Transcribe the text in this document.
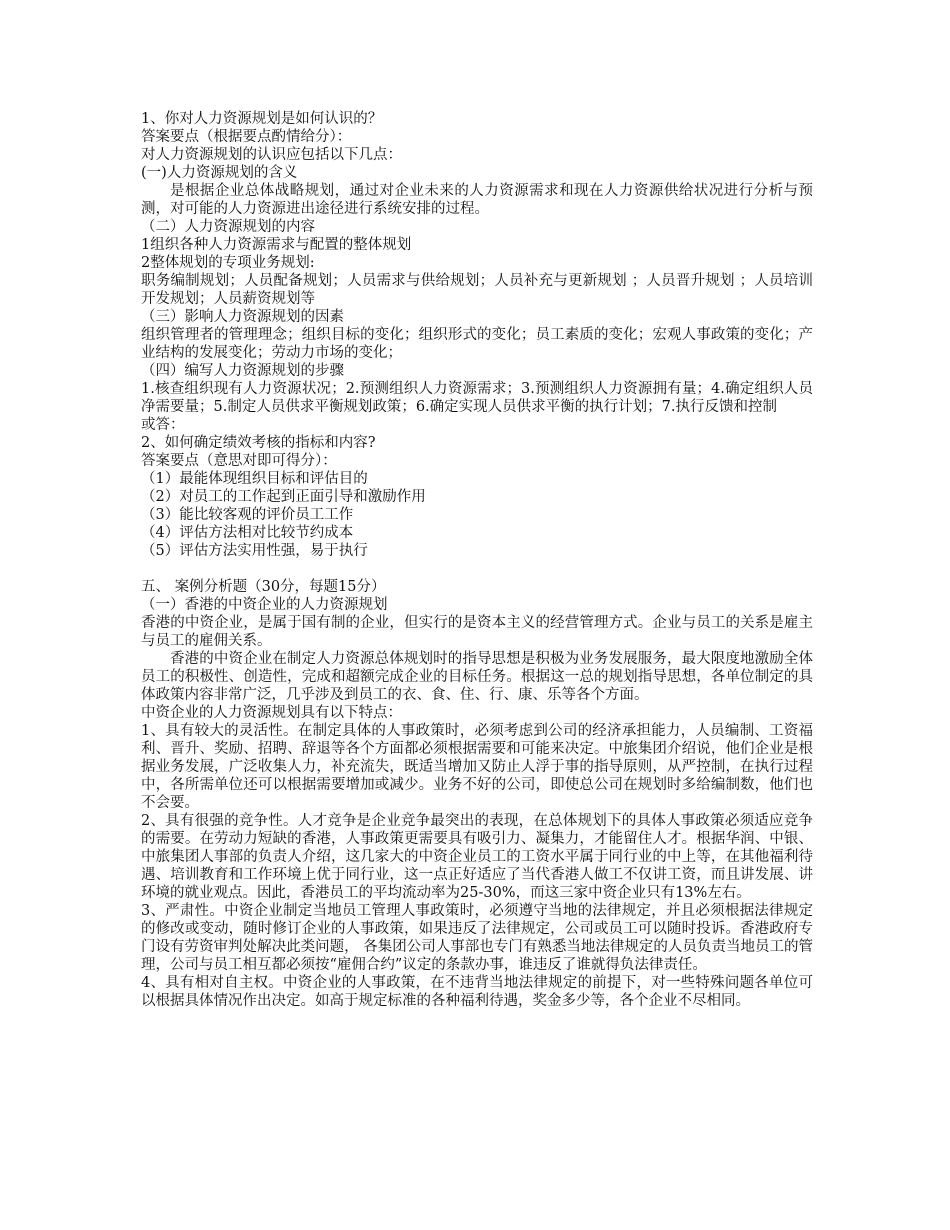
1、你对人力资源规划是如何认识的？
答案要点（根据要点酌情给分）：
对人力资源规划的认识应包括以下几点：
(一)人力资源规划的含义
是根据企业总体战略规划，通过对企业未来的人力资源需求和现在人力资源供给状况进行分析与预测，对可能的人力资源进出途径进行系统安排的过程。
（二）人力资源规划的内容
1组织各种人力资源需求与配置的整体规划
2整体规划的专项业务规划:
职务编制规划；人员配备规划；人员需求与供给规划；人员补充与更新规划 ；人员晋升规划 ；人员培训开发规划；人员薪资规划等
（三）影响人力资源规划的因素
组织管理者的管理理念；组织目标的变化；组织形式的变化；员工素质的变化；宏观人事政策的变化；产业结构的发展变化；劳动力市场的变化；
（四）编写人力资源规划的步骤
1.核查组织现有人力资源状况；2.预测组织人力资源需求；3.预测组织人力资源拥有量；4.确定组织人员净需要量；5.制定人员供求平衡规划政策；6.确定实现人员供求平衡的执行计划；7.执行反馈和控制
或答：
2、如何确定绩效考核的指标和内容?
答案要点（意思对即可得分）：
（1）最能体现组织目标和评估目的
（2）对员工的工作起到正面引导和激励作用
（3）能比较客观的评价员工工作
（4）评估方法相对比较节约成本
（5）评估方法实用性强，易于执行
五、 案例分析题（30分，每题15分）
（一）香港的中资企业的人力资源规划
香港的中资企业，是属于国有制的企业，但实行的是资本主义的经营管理方式。企业与员工的关系是雇主与员工的雇佣关系。
香港的中资企业在制定人力资源总体规划时的指导思想是积极为业务发展服务，最大限度地激励全体员工的积极性、创造性，完成和超额完成企业的目标任务。根据这一总的规划指导思想，各单位制定的具体政策内容非常广泛，几乎涉及到员工的衣、食、住、行、康、乐等各个方面。
中资企业的人力资源规划具有以下特点：
1、具有较大的灵活性。在制定具体的人事政策时，必须考虑到公司的经济承担能力，人员编制、工资福利、晋升、奖励、招聘、辞退等各个方面都必须根据需要和可能来决定。中旅集团介绍说，他们企业是根据业务发展，广泛收集人力，补充流失，既适当增加又防止人浮于事的指导原则，从严控制，在执行过程中，各所需单位还可以根据需要增加或减少。业务不好的公司，即使总公司在规划时多给编制数，他们也不会要。
2、具有很强的竞争性。人才竞争是企业竞争最突出的表现，在总体规划下的具体人事政策必须适应竞争的需要。在劳动力短缺的香港，人事政策更需要具有吸引力、凝集力，才能留住人才。根据华润、中银、中旅集团人事部的负责人介绍，这几家大的中资企业员工的工资水平属于同行业的中上等，在其他福利待遇、培训教育和工作环境上优于同行业，这一点正好适应了当代香港人做工不仅讲工资，而且讲发展、讲环境的就业观点。因此，香港员工的平均流动率为25-30%，而这三家中资企业只有13%左右。
3、严肃性。中资企业制定当地员工管理人事政策时，必须遵守当地的法律规定，并且必须根据法律规定的修改或变动，随时修订企业的人事政策，如果违反了法律规定，公司或员工可以随时投诉。香港政府专门设有劳资审判处解决此类问题， 各集团公司人事部也专门有熟悉当地法律规定的人员负责当地员工的管理，公司与员工相互都必须按“雇佣合约”议定的条款办事，谁违反了谁就得负法律责任。
4、具有相对自主权。中资企业的人事政策，在不违背当地法律规定的前提下，对一些特殊问题各单位可以根据具体情况作出决定。如高于规定标准的各种福利待遇，奖金多少等，各个企业不尽相同。
